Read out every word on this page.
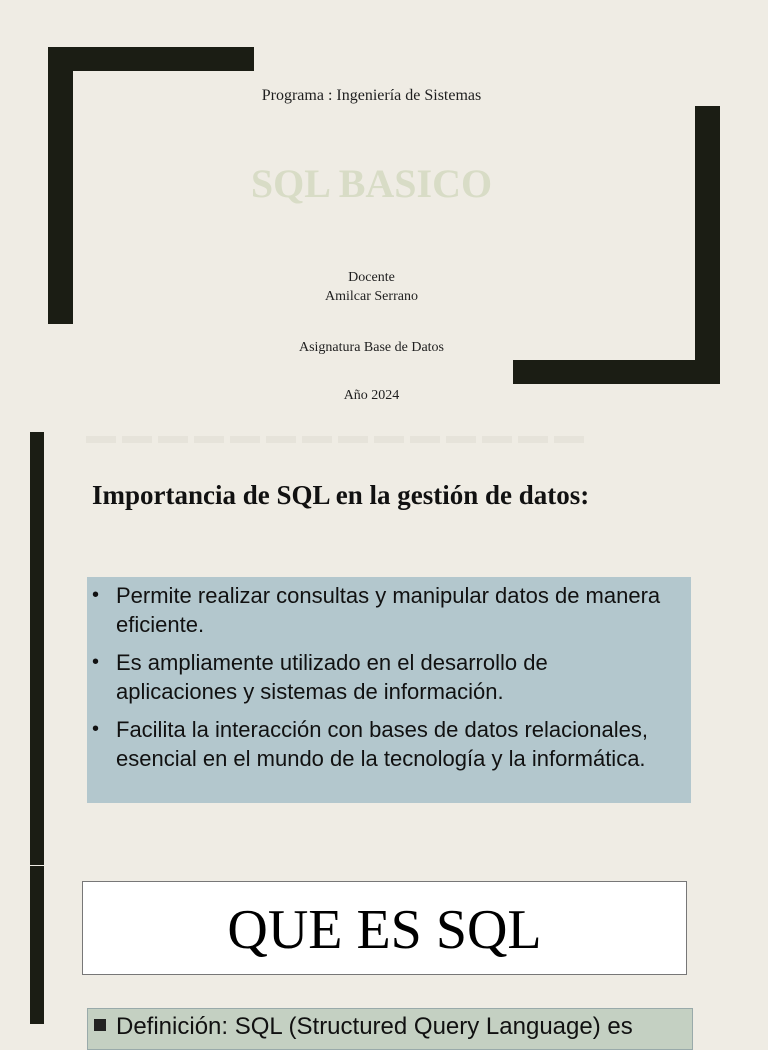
Programa : Ingeniería de Sistemas
SQL BASICO
Docente
Amilcar Serrano
Asignatura Base de Datos
Año 2024
Importancia de SQL en la gestión de datos:
• Permite realizar consultas y manipular datos de manera eficiente.
• Es ampliamente utilizado en el desarrollo de aplicaciones y sistemas de información.
• Facilita la interacción con bases de datos relacionales, esencial en el mundo de la tecnología y la informática.
QUE ES SQL
Definición: SQL (Structured Query Language) es
